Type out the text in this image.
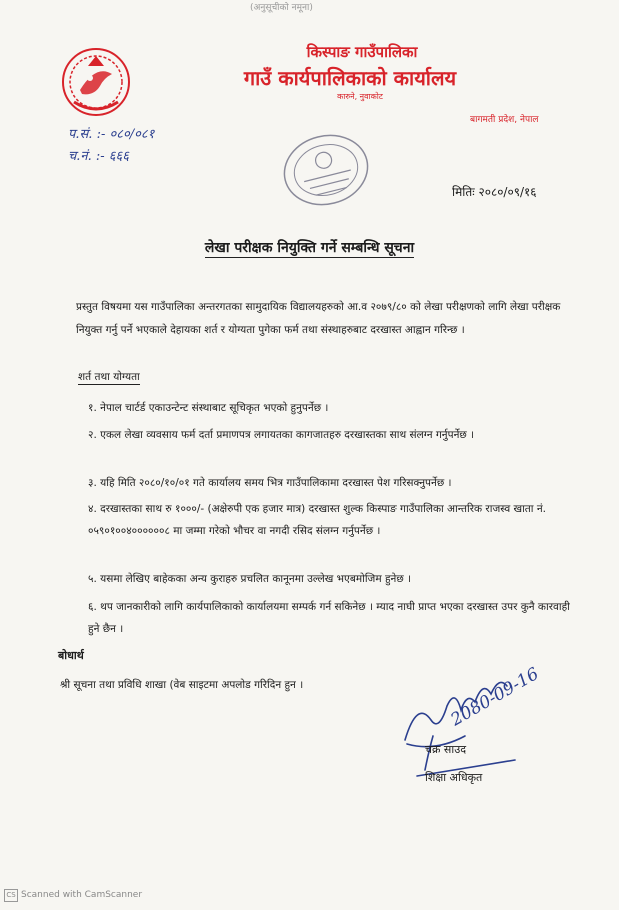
(अनुसूचीको नमूना)
किस्पाङ गाउँपालिका
गाउँ कार्यपालिकाको कार्यालय
कारुने, नुवाकोट
बागमती प्रदेश, नेपाल
प.सं. :- ०८०/०८१
च.नं. :- ६६६
मितिः २०८०/०९/१६
लेखा परीक्षक नियुक्ति गर्ने सम्बन्धि सूचना
प्रस्तुत विषयमा यस गाउँपालिका अन्तरगतका सामुदायिक विद्यालयहरुको आ.व २०७९/८० को लेखा परीक्षणको लागि लेखा परीक्षक नियुक्त गर्नु पर्ने भएकाले देहायका शर्त र योग्यता पुगेका फर्म तथा संस्थाहरुबाट दरखास्त आह्वान गरिन्छ ।
शर्त तथा योग्यता
१. नेपाल चार्टर्ड एकाउन्टेन्ट संस्थाबाट सूचिकृत भएको हुनुपर्नेछ ।
२. एकल लेखा व्यवसाय फर्म दर्ता प्रमाणपत्र लगायतका कागजातहरु दरखास्तका साथ संलग्न गर्नुपर्नेछ ।
३. यहि मिति २०८०/१०/०१ गते कार्यालय समय भित्र गाउँपालिकामा दरखास्त पेश गरिसक्नुपर्नेछ ।
४. दरखास्तका साथ रु १०००/- (अक्षेरुपी एक हजार मात्र) दरखास्त शुल्क किस्पाङ गाउँपालिका आन्तरिक राजस्व खाता नं. ०५९०१००४००००००८ मा जम्मा गरेको भौचर वा नगदी रसिद संलग्न गर्नुपर्नेछ ।
५. यसमा लेखिए बाहेकका अन्य कुराहरु प्रचलित कानूनमा उल्लेख भएबमोजिम हुनेछ ।
६. थप जानकारीको लागि कार्यपालिकाको कार्यालयमा सम्पर्क गर्न सकिनेछ । म्याद नाघी प्राप्त भएका दरखास्त उपर कुनै कारवाही हुने छैन ।
बोधार्थ
श्री सूचना तथा प्रविधि शाखा (वेब साइटमा अपलोड गरिदिन हुन ।	2080-09-16
चक्र साउद
शिक्षा अधिकृत
CS Scanned with CamScanner
